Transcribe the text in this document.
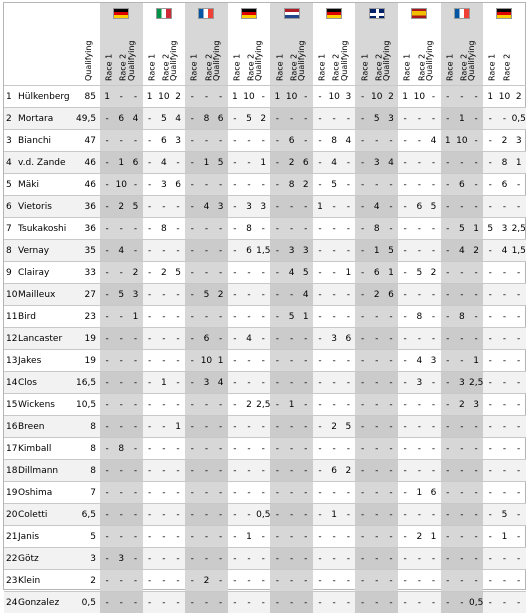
			Qualifying	Race 1	Race 2	Qualifying	Race 1	Race 2	Qualifying	Race 1	Race 2	Qualifying	Race 1	Race 2	Qualifying	Race 1	Race 2	Qualifying	Race 1	Race 2	Qualifying	Race 1	Race 2	Qualifying	Race 1	Race 2	Qualifying	Race 1	Race 2	Qualifying	Race 1	Race 2

1	Hülkenberg	85	1	-	-	1	10	2	-	-	-	1	10	-	1	10	-	-	10	3	-	10	2	1	10	-	-	-	-	1	10	2
2	Mortara	49,5	-	6	4	-	5	4	-	8	6	-	5	2	-	-	-	-	-	-	-	5	3	-	-	-	-	1	-	-	-	0,5
3	Bianchi	47	-	-	-	-	6	3	-	-	-	-	-	-	-	6	-	-	8	4	-	-	-	-	-	4	1	10	-	-	2	3
4	v.d. Zande	46	-	1	6	-	4	-	-	1	5	-	-	1	-	2	6	-	4	-	-	3	4	-	-	-	-	-	-	-	8	1
5	Mäki	46	-	10	-	-	3	6	-	-	-	-	-	-	-	8	2	-	5	-	-	-	-	-	-	-	-	6	-	-	6	-
6	Vietoris	36	-	2	5	-	-	-	-	4	3	-	3	3	-	-	-	1	-	-	-	4	-	-	6	5	-	-	-	-	-	-
7	Tsukakoshi	36	-	-	-	-	8	-	-	-	-	-	8	-	-	-	-	-	-	-	-	8	-	-	-	-	-	5	1	5	3	2,5
8	Vernay	35	-	4	-	-	-	-	-	-	-	-	6	1,5	-	3	3	-	-	-	-	1	5	-	-	-	-	4	2	-	4	1,5
9	Clairay	33	-	-	2	-	2	5	-	-	-	-	-	-	-	4	5	-	-	1	-	6	1	-	5	2	-	-	-	-	-	-
10	Mailleux	27	-	5	3	-	-	-	-	5	2	-	-	-	-	-	4	-	-	-	-	2	6	-	-	-	-	-	-	-	-	-
11	Bird	23	-	-	1	-	-	-	-	-	-	-	-	-	-	5	1	-	-	-	-	-	-	-	8	-	-	8	-	-	-	-
12	Lancaster	19	-	-	-	-	-	-	-	6	-	-	4	-	-	-	-	-	3	6	-	-	-	-	-	-	-	-	-	-	-	-
13	Jakes	19	-	-	-	-	-	-	-	10	1	-	-	-	-	-	-	-	-	-	-	-	-	-	4	3	-	-	1	-	-	-
14	Clos	16,5	-	-	-	-	1	-	-	3	4	-	-	-	-	-	-	-	-	-	-	-	-	-	3	-	-	3	2,5	-	-	-
15	Wickens	10,5	-	-	-	-	-	-	-	-	-	-	2	2,5	-	1	-	-	-	-	-	-	-	-	-	-	-	2	3	-	-	-
16	Breen	8	-	-	-	-	-	1	-	-	-	-	-	-	-	-	-	-	2	5	-	-	-	-	-	-	-	-	-	-	-	-
17	Kimball	8	-	8	-	-	-	-	-	-	-	-	-	-	-	-	-	-	-	-	-	-	-	-	-	-	-	-	-	-	-	-
18	Dillmann	8	-	-	-	-	-	-	-	-	-	-	-	-	-	-	-	-	6	2	-	-	-	-	-	-	-	-	-	-	-	-
19	Oshima	7	-	-	-	-	-	-	-	-	-	-	-	-	-	-	-	-	-	-	-	-	-	-	1	6	-	-	-	-	-	-
20	Coletti	6,5	-	-	-	-	-	-	-	-	-	-	-	0,5	-	-	-	-	1	-	-	-	-	-	-	-	-	-	-	-	5	-
21	Janis	5	-	-	-	-	-	-	-	-	-	-	1	-	-	-	-	-	-	-	-	-	-	-	2	1	-	-	-	-	1	-
22	Götz	3	-	3	-	-	-	-	-	-	-	-	-	-	-	-	-	-	-	-	-	-	-	-	-	-	-	-	-	-	-	-
23	Klein	2	-	-	-	-	-	-	-	2	-	-	-	-	-	-	-	-	-	-	-	-	-	-	-	-	-	-	-	-	-	-
24	Gonzalez	0,5	-	-	-	-	-	-	-	-	-	-	-	-	-	-	-	-	-	-	-	-	-	-	-	-	-	-	0,5	-	-	-
